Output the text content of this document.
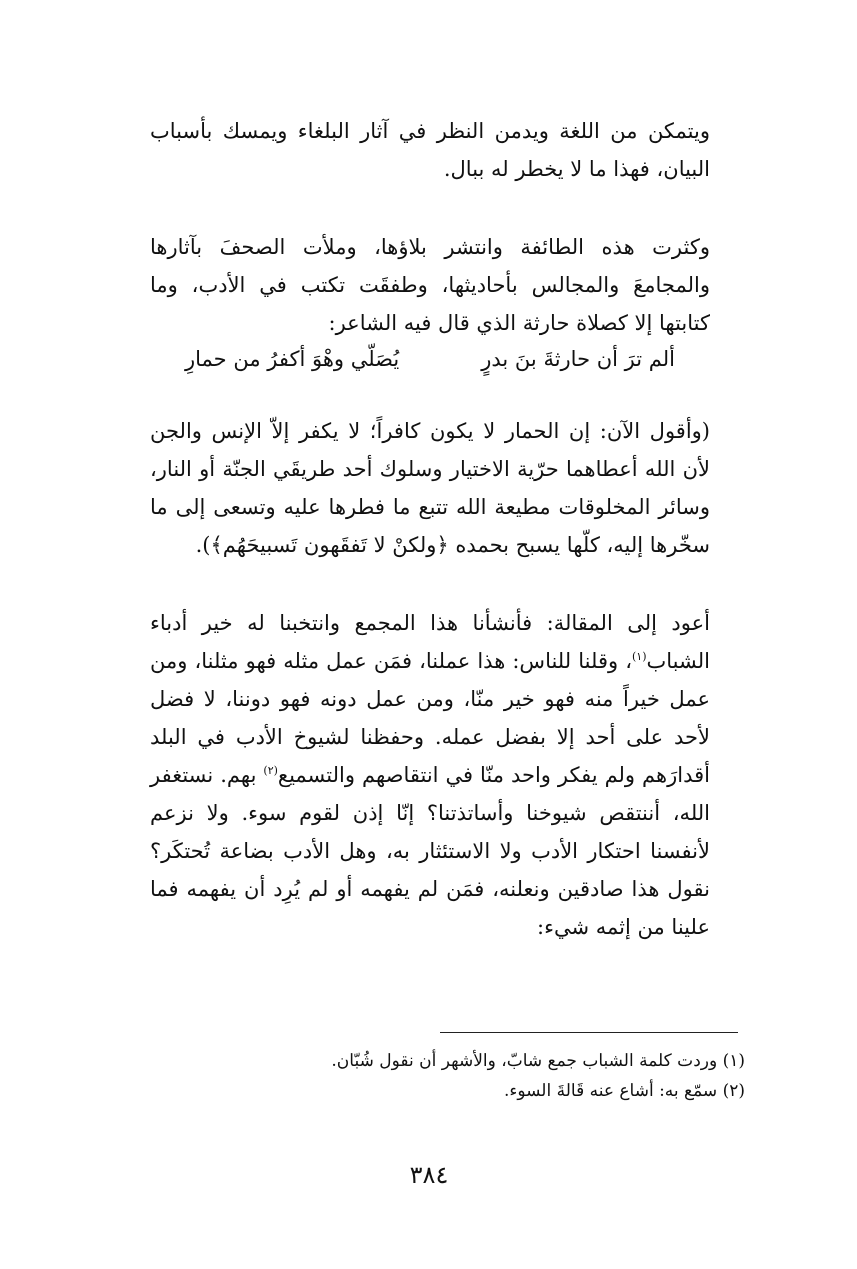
ويتمكن من اللغة ويدمن النظر في آثار البلغاء ويمسك بأسباب البيان، فهذا ما لا يخطر له ببال.

وكثرت هذه الطائفة وانتشر بلاؤها، وملأت الصحفَ بآثارها والمجامعَ والمجالس بأحاديثها، وطفقَت تكتب في الأدب، وما كتابتها إلا كصلاة حارثة الذي قال فيه الشاعر:

ألم ترَ أن حارثةَ بنَ بدرٍ
يُصَلّي وهْوَ أكفرُ من حمارِ

(وأقول الآن: إن الحمار لا يكون كافراً؛ لا يكفر إلاّ الإنس والجن لأن الله أعطاهما حرّية الاختيار وسلوك أحد طريقَي الجنّة أو النار، وسائر المخلوقات مطيعة الله تتبع ما فطرها عليه وتسعى إلى ما سخّرها إليه، كلّها يسبح بحمده ﴿ولكنْ لا تَفقَهون تَسبيحَهُم﴾).

أعود إلى المقالة: فأنشأنا هذا المجمع وانتخبنا له خير أدباء الشباب$^{(١)}$، وقلنا للناس: هذا عملنا، فمَن عمل مثله فهو مثلنا، ومن عمل خيراً منه فهو خير منّا، ومن عمل دونه فهو دوننا، لا فضل لأحد على أحد إلا بفضل عمله. وحفظنا لشيوخ الأدب في البلد أقدارَهم ولم يفكر واحد منّا في انتقاصهم والتسميع$^{(٢)}$ بهم. نستغفر الله، أننتقص شيوخنا وأساتذتنا؟ إنّا إذن لقوم سوء. ولا نزعم لأنفسنا احتكار الأدب ولا الاستئثار به، وهل الأدب بضاعة تُحتكَر؟ نقول هذا صادقين ونعلنه، فمَن لم يفهمه أو لم يُرِد أن يفهمه فما علينا من إثمه شيء:

(١) وردت كلمة الشباب جمع شابّ، والأشهر أن نقول شُبّان.
(٢) سمّع به: أشاع عنه قَالةَ السوء.
٣٨٤
